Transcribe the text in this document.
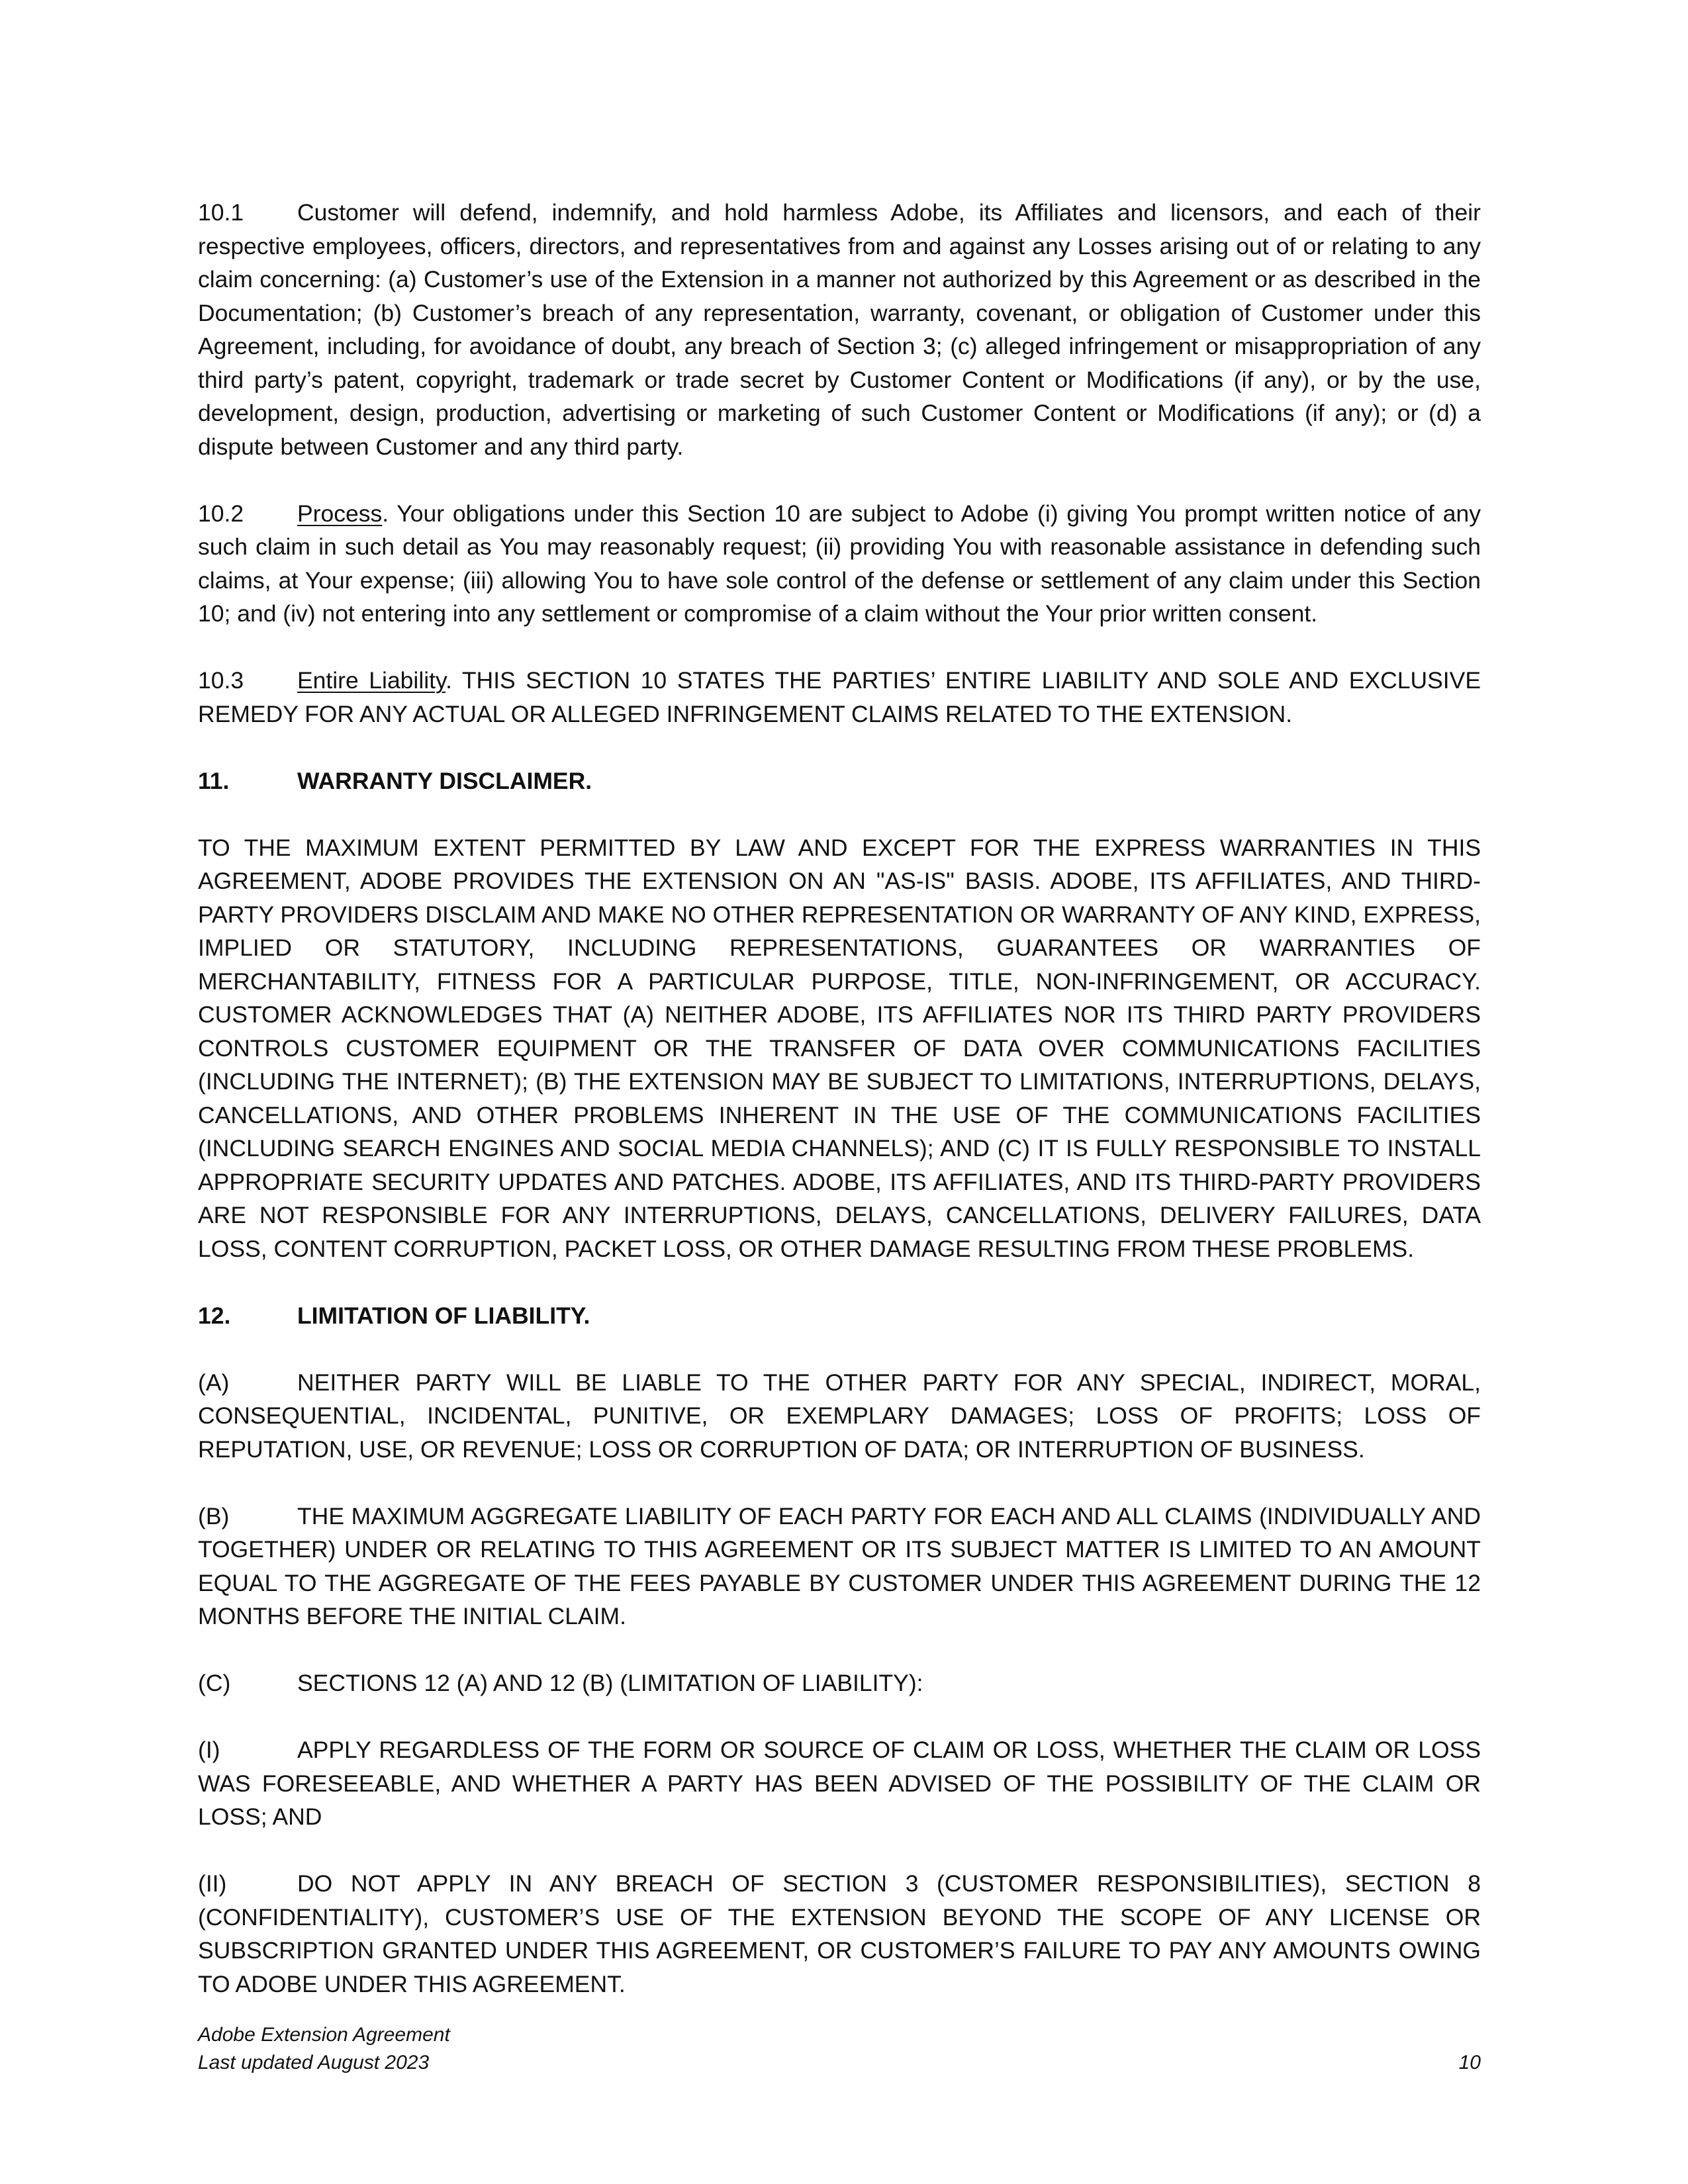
10.1 Customer will defend, indemnify, and hold harmless Adobe, its Affiliates and licensors, and each of their respective employees, officers, directors, and representatives from and against any Losses arising out of or relating to any claim concerning: (a) Customer’s use of the Extension in a manner not authorized by this Agreement or as described in the Documentation; (b) Customer’s breach of any representation, warranty, covenant, or obligation of Customer under this Agreement, including, for avoidance of doubt, any breach of Section 3; (c) alleged infringement or misappropriation of any third party’s patent, copyright, trademark or trade secret by Customer Content or Modifications (if any), or by the use, development, design, production, advertising or marketing of such Customer Content or Modifications (if any); or (d) a dispute between Customer and any third party.

10.2 Process. Your obligations under this Section 10 are subject to Adobe (i) giving You prompt written notice of any such claim in such detail as You may reasonably request; (ii) providing You with reasonable assistance in defending such claims, at Your expense; (iii) allowing You to have sole control of the defense or settlement of any claim under this Section 10; and (iv) not entering into any settlement or compromise of a claim without the Your prior written consent.

10.3 Entire Liability. THIS SECTION 10 STATES THE PARTIES’ ENTIRE LIABILITY AND SOLE AND EXCLUSIVE REMEDY FOR ANY ACTUAL OR ALLEGED INFRINGEMENT CLAIMS RELATED TO THE EXTENSION.

11.	WARRANTY DISCLAIMER.

TO THE MAXIMUM EXTENT PERMITTED BY LAW AND EXCEPT FOR THE EXPRESS WARRANTIES IN THIS AGREEMENT, ADOBE PROVIDES THE EXTENSION ON AN "AS-IS" BASIS. ADOBE, ITS AFFILIATES, AND THIRD-PARTY PROVIDERS DISCLAIM AND MAKE NO OTHER REPRESENTATION OR WARRANTY OF ANY KIND, EXPRESS, IMPLIED OR STATUTORY, INCLUDING REPRESENTATIONS, GUARANTEES OR WARRANTIES OF MERCHANTABILITY, FITNESS FOR A PARTICULAR PURPOSE, TITLE, NON-INFRINGEMENT, OR ACCURACY. CUSTOMER ACKNOWLEDGES THAT (A) NEITHER ADOBE, ITS AFFILIATES NOR ITS THIRD PARTY PROVIDERS CONTROLS CUSTOMER EQUIPMENT OR THE TRANSFER OF DATA OVER COMMUNICATIONS FACILITIES (INCLUDING THE INTERNET); (B) THE EXTENSION MAY BE SUBJECT TO LIMITATIONS, INTERRUPTIONS, DELAYS, CANCELLATIONS, AND OTHER PROBLEMS INHERENT IN THE USE OF THE COMMUNICATIONS FACILITIES (INCLUDING SEARCH ENGINES AND SOCIAL MEDIA CHANNELS); AND (C) IT IS FULLY RESPONSIBLE TO INSTALL APPROPRIATE SECURITY UPDATES AND PATCHES. ADOBE, ITS AFFILIATES, AND ITS THIRD-PARTY PROVIDERS ARE NOT RESPONSIBLE FOR ANY INTERRUPTIONS, DELAYS, CANCELLATIONS, DELIVERY FAILURES, DATA LOSS, CONTENT CORRUPTION, PACKET LOSS, OR OTHER DAMAGE RESULTING FROM THESE PROBLEMS.

12.	LIMITATION OF LIABILITY.

(A)	NEITHER PARTY WILL BE LIABLE TO THE OTHER PARTY FOR ANY SPECIAL, INDIRECT, MORAL, CONSEQUENTIAL, INCIDENTAL, PUNITIVE, OR EXEMPLARY DAMAGES; LOSS OF PROFITS; LOSS OF REPUTATION, USE, OR REVENUE; LOSS OR CORRUPTION OF DATA; OR INTERRUPTION OF BUSINESS.

(B)	THE MAXIMUM AGGREGATE LIABILITY OF EACH PARTY FOR EACH AND ALL CLAIMS (INDIVIDUALLY AND TOGETHER) UNDER OR RELATING TO THIS AGREEMENT OR ITS SUBJECT MATTER IS LIMITED TO AN AMOUNT EQUAL TO THE AGGREGATE OF THE FEES PAYABLE BY CUSTOMER UNDER THIS AGREEMENT DURING THE 12 MONTHS BEFORE THE INITIAL CLAIM.

(C)	SECTIONS 12 (A) AND 12 (B) (LIMITATION OF LIABILITY):

(I)	APPLY REGARDLESS OF THE FORM OR SOURCE OF CLAIM OR LOSS, WHETHER THE CLAIM OR LOSS WAS FORESEEABLE, AND WHETHER A PARTY HAS BEEN ADVISED OF THE POSSIBILITY OF THE CLAIM OR LOSS; AND

(II)	DO NOT APPLY IN ANY BREACH OF SECTION 3 (CUSTOMER RESPONSIBILITIES), SECTION 8 (CONFIDENTIALITY), CUSTOMER’S USE OF THE EXTENSION BEYOND THE SCOPE OF ANY LICENSE OR SUBSCRIPTION GRANTED UNDER THIS AGREEMENT, OR CUSTOMER’S FAILURE TO PAY ANY AMOUNTS OWING TO ADOBE UNDER THIS AGREEMENT.

Adobe Extension Agreement
Last updated August 2023	10
